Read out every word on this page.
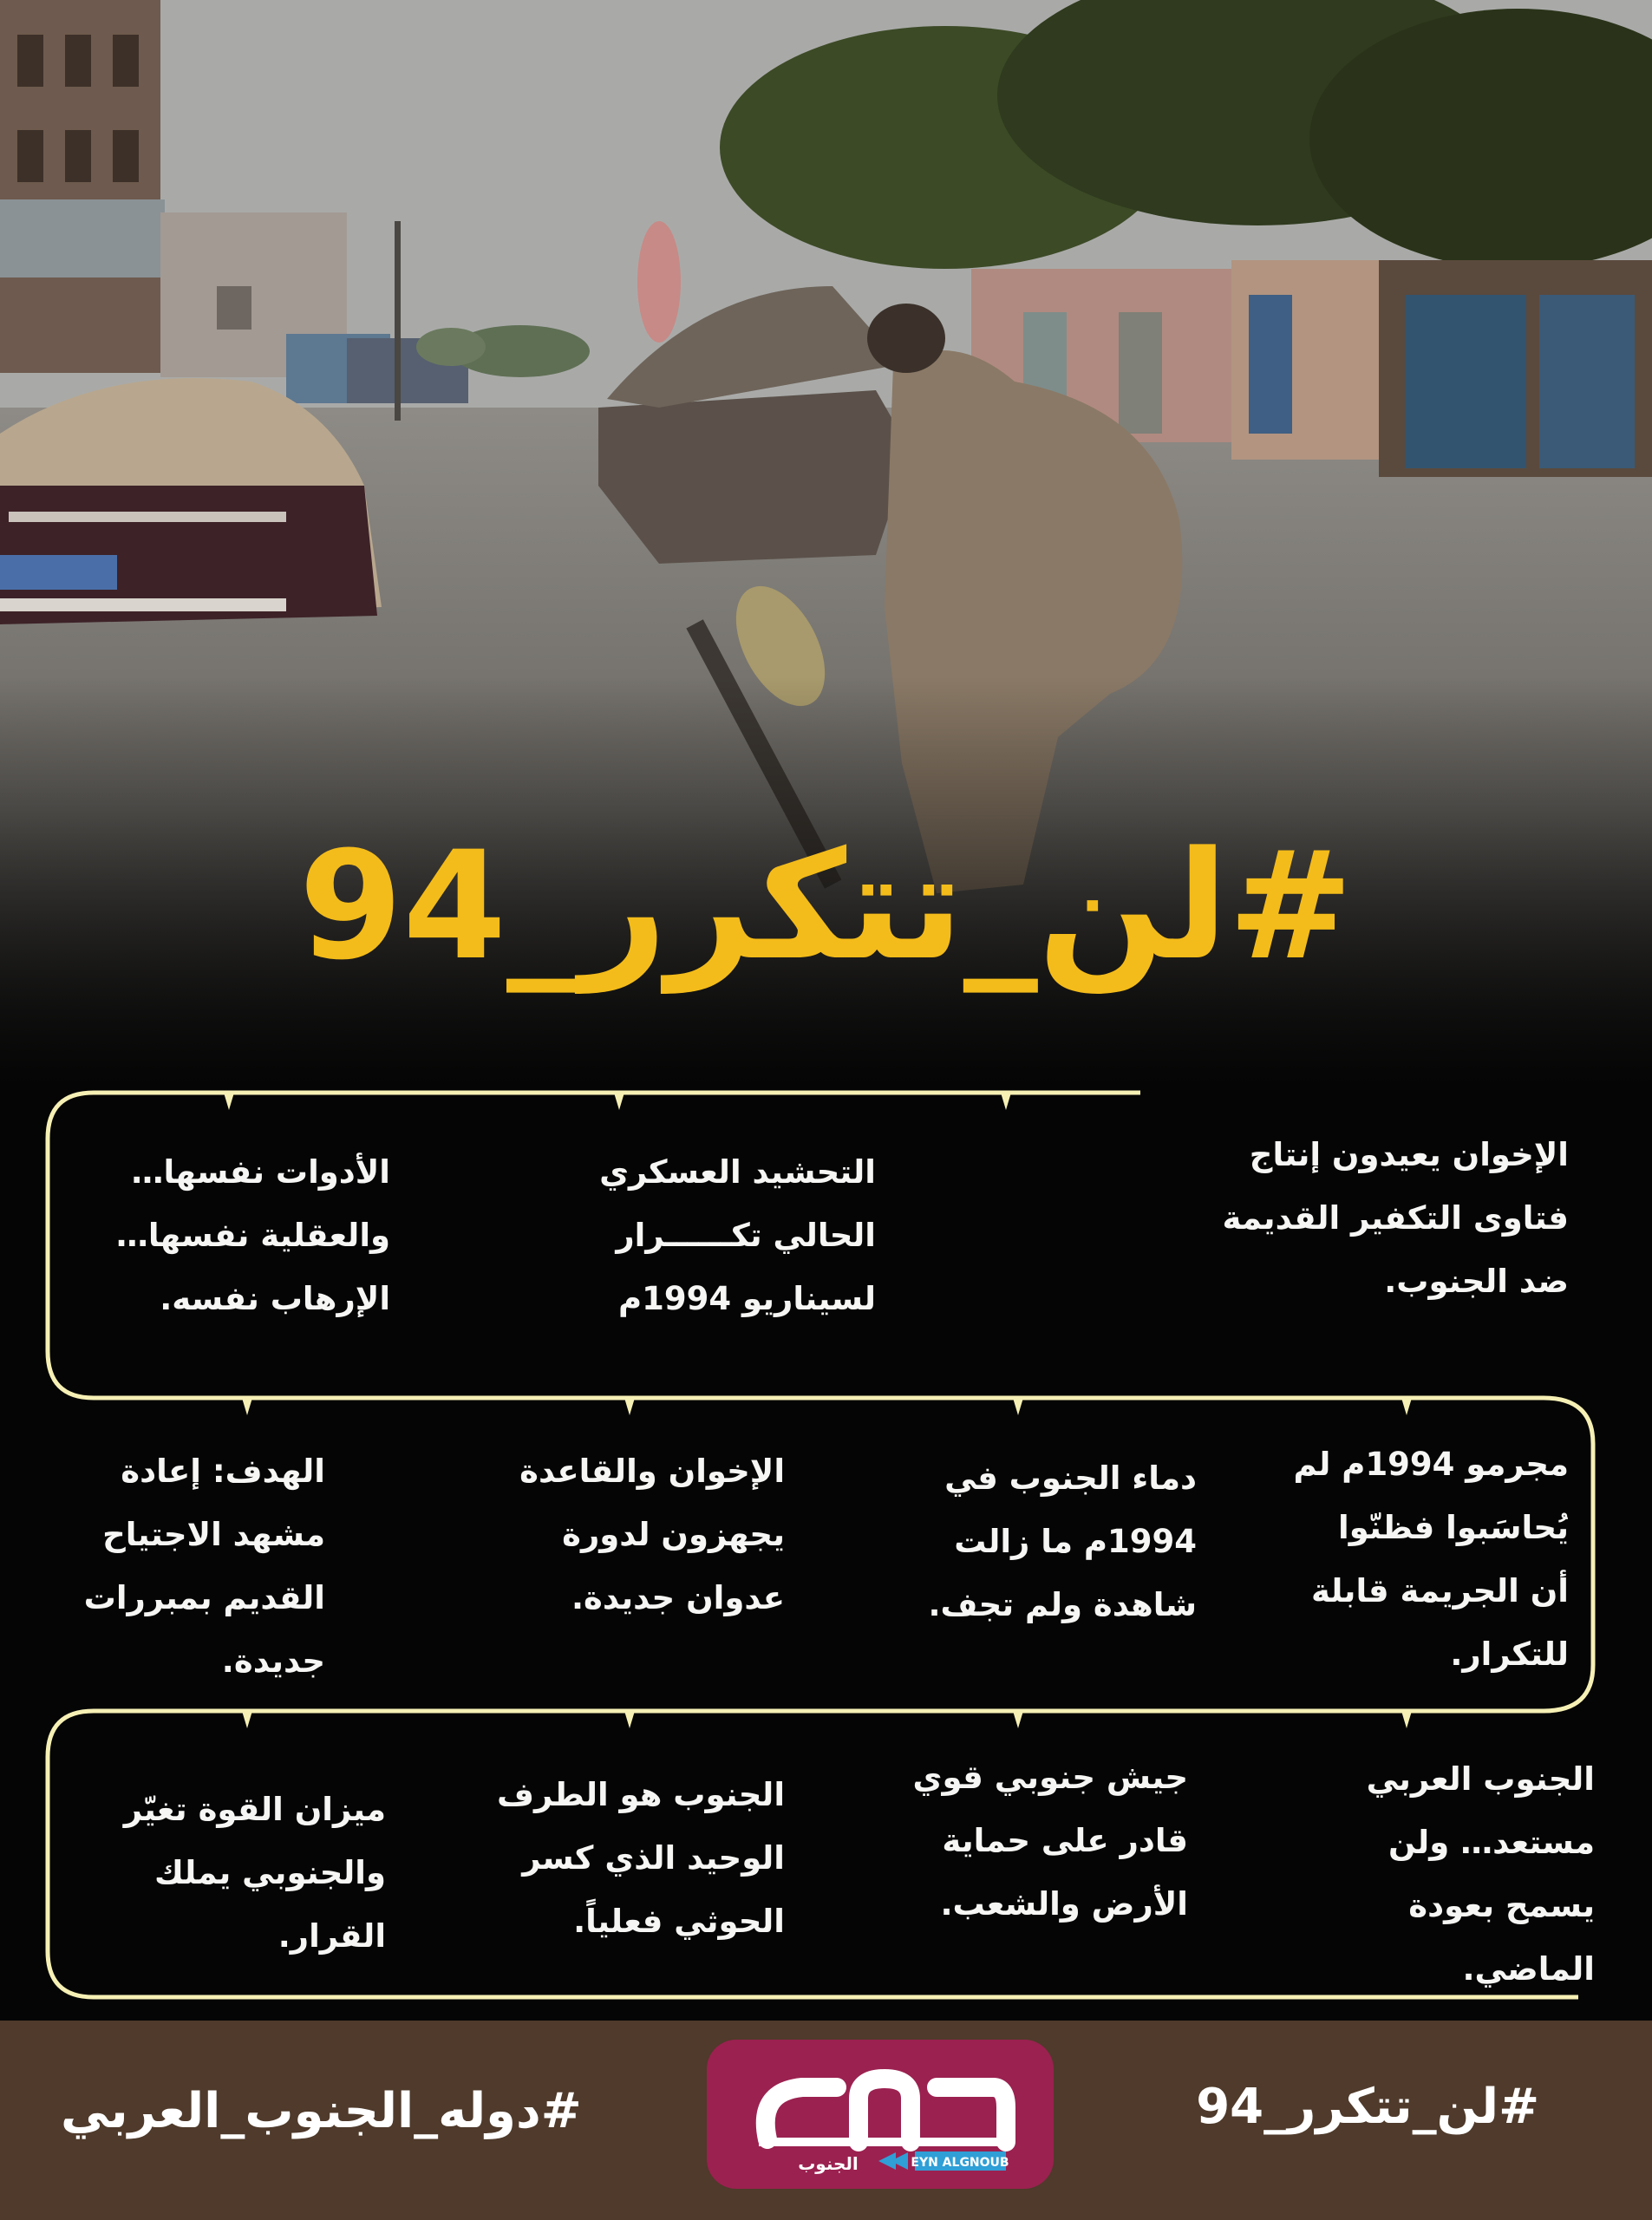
#لن_تتكرر_94
الإخوان يعيدون إنتاج
فتاوى التكفير القديمة
ضد الجنوب.
التحشيد العسكري
الحالي تكــــــرار
لسيناريو 1994م
الأدوات نفسها…
والعقلية نفسها…
الإرهاب نفسه.
مجرمو 1994م لم
يُحاسَبوا فظنّوا
أن الجريمة قابلة
للتكرار.
دماء الجنوب في
1994م ما زالت
شاهدة ولم تجف.
الإخوان والقاعدة
يجهزون لدورة
عدوان جديدة.
الهدف: إعادة
مشهد الاجتياح
القديم بمبررات
جديدة.
الجنوب العربي
مستعد… ولن
يسمح بعودة
الماضي.
جيش جنوبي قوي
قادر على حماية
الأرض والشعب.
الجنوب هو الطرف
الوحيد الذي كسر
الحوثي فعلياً.
ميزان القوة تغيّر
والجنوبي يملك
القرار.
#دوله_الجنوب_العربي
EYN ALGNOUB
الجنوب
#لن_تتكرر_94
